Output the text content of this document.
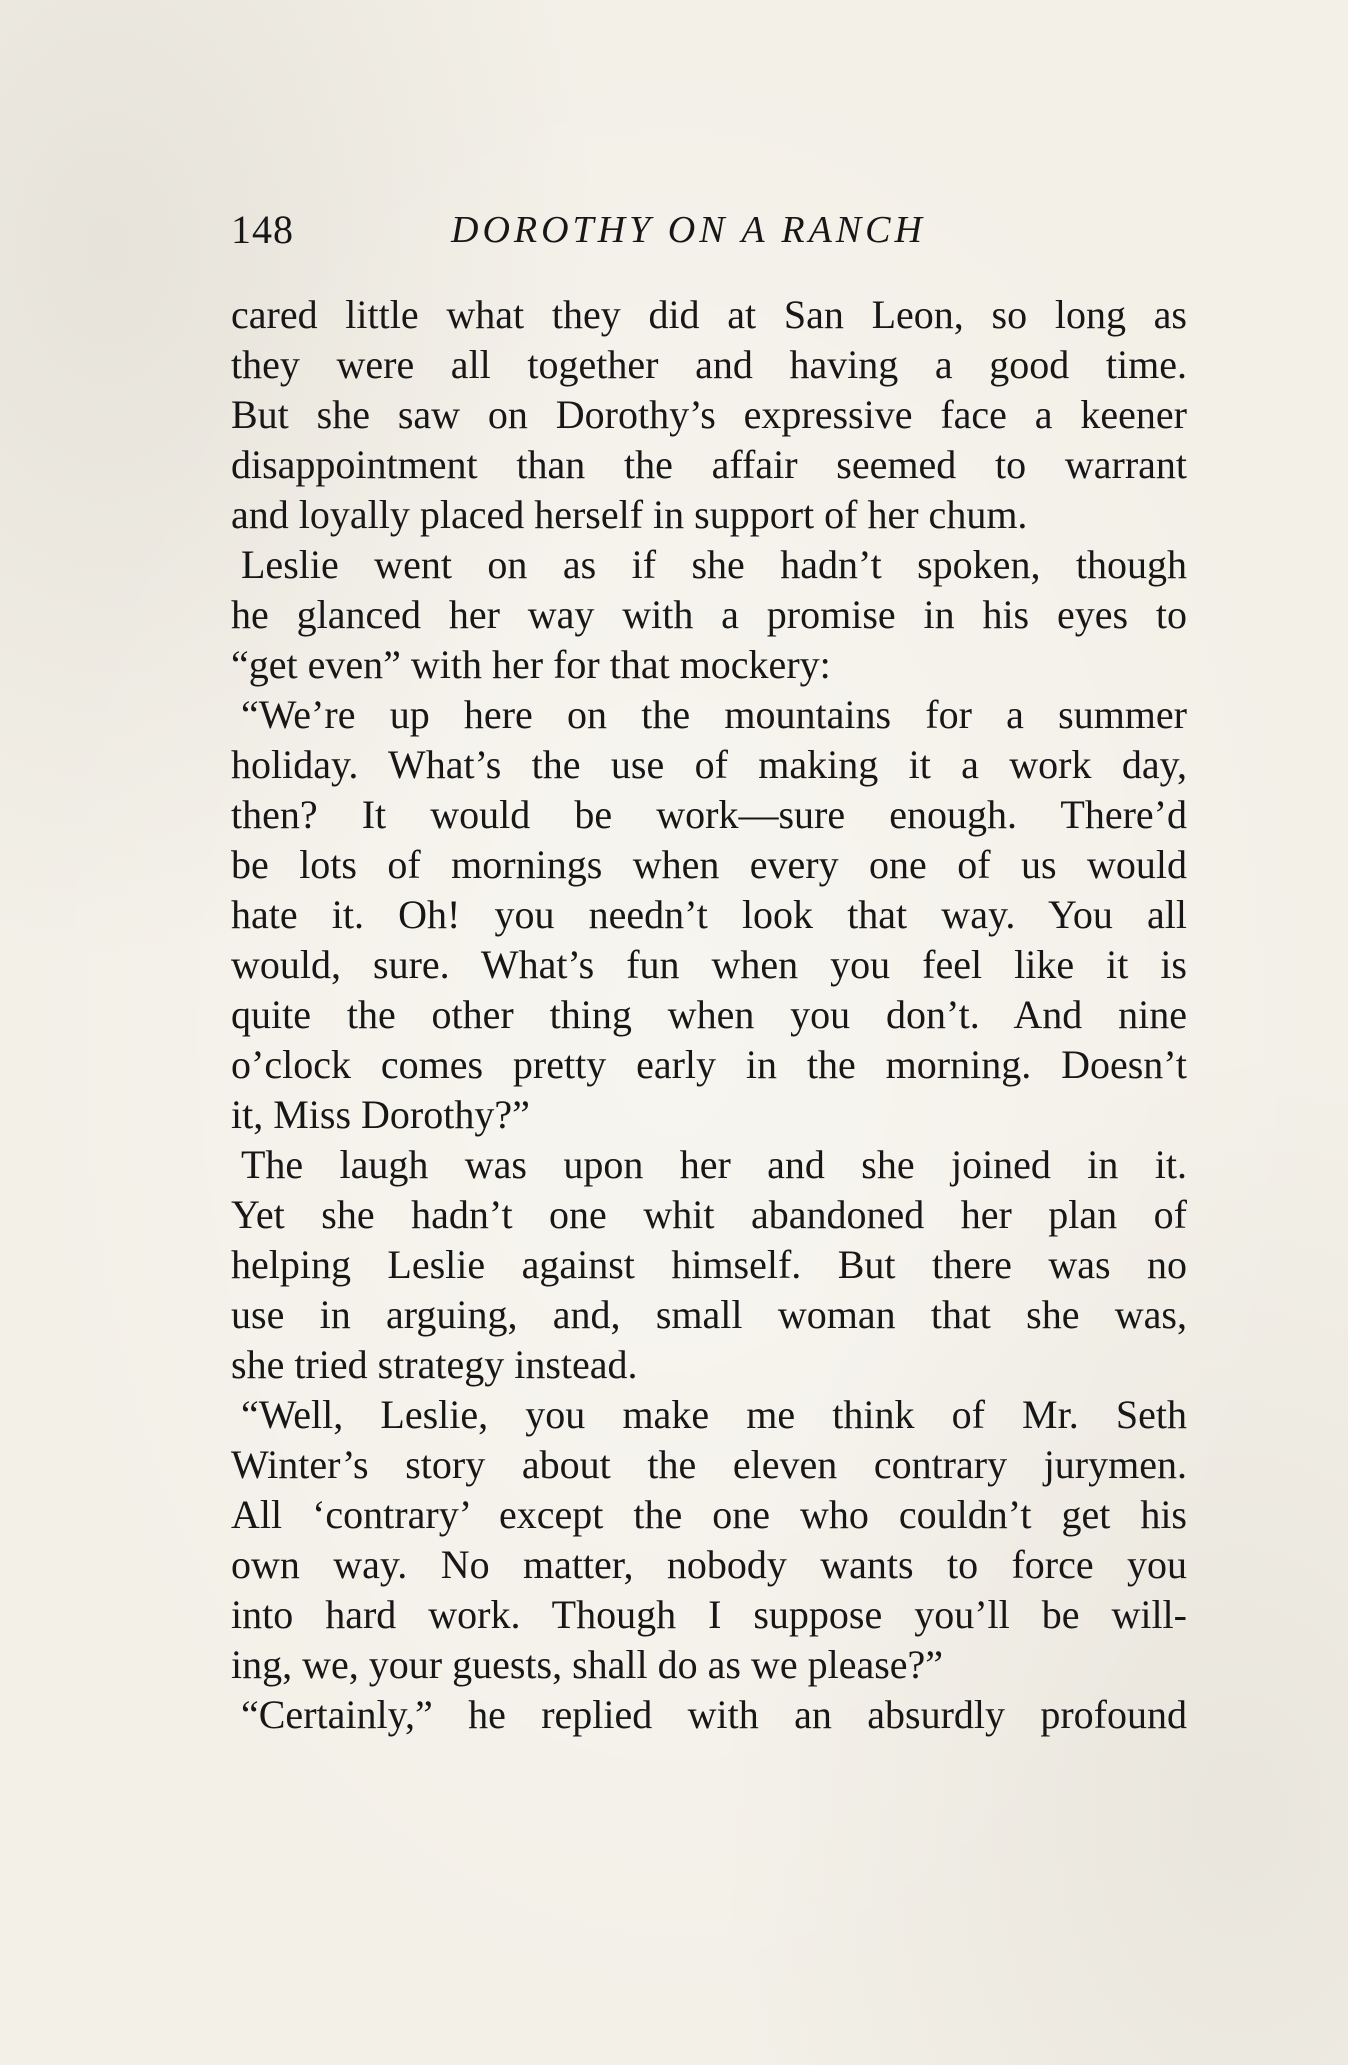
148	DOROTHY ON A RANCH
cared little what they did at San Leon, so long as
they were all together and having a good time.
But she saw on Dorothy’s expressive face a keener
disappointment than the affair seemed to warrant
and loyally placed herself in support of her chum.
Leslie went on as if she hadn’t spoken, though
he glanced her way with a promise in his eyes to
“get even” with her for that mockery:
“We’re up here on the mountains for a summer
holiday. What’s the use of making it a work day,
then? It would be work—sure enough. There’d
be lots of mornings when every one of us would
hate it. Oh! you needn’t look that way. You all
would, sure. What’s fun when you feel like it is
quite the other thing when you don’t. And nine
o’clock comes pretty early in the morning. Doesn’t
it, Miss Dorothy?”
The laugh was upon her and she joined in it.
Yet she hadn’t one whit abandoned her plan of
helping Leslie against himself. But there was no
use in arguing, and, small woman that she was,
she tried strategy instead.
“Well, Leslie, you make me think of Mr. Seth
Winter’s story about the eleven contrary jurymen.
All ‘contrary’ except the one who couldn’t get his
own way. No matter, nobody wants to force you
into hard work. Though I suppose you’ll be will-
ing, we, your guests, shall do as we please?”
“Certainly,” he replied with an absurdly profound
